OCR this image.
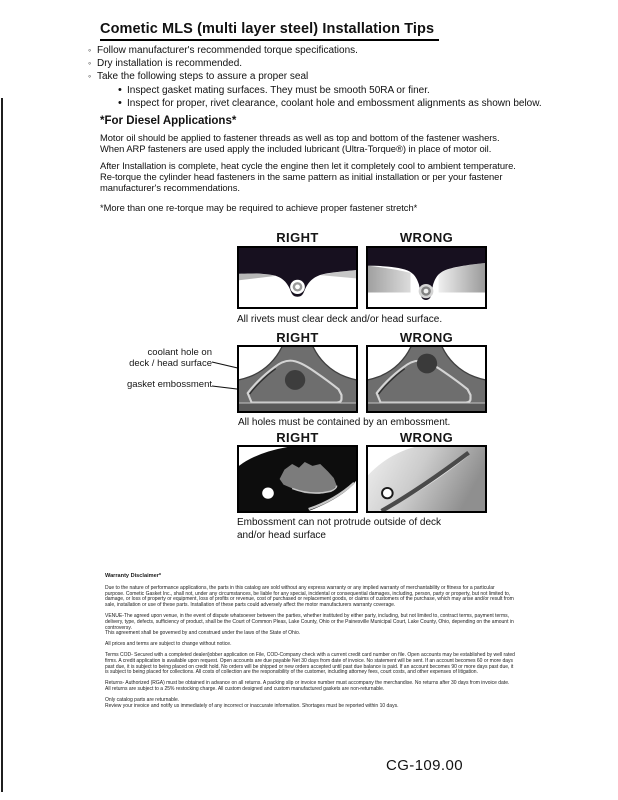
Cometic MLS (multi layer steel) Installation Tips
◦ Follow manufacturer's recommended torque specifications.
◦ Dry installation is recommended.
◦ Take the following steps to assure a proper seal
• Inspect gasket mating surfaces. They must be smooth 50RA or finer.
• Inspect for proper, rivet clearance, coolant hole and embossment alignments as shown below.
*For Diesel Applications*
Motor oil should be applied to fastener threads as well as top and bottom of the fastener washers. When ARP fasteners are used apply the included lubricant (Ultra-Torque®) in place of motor oil.
After Installation is complete, heat cycle the engine then let it completely cool to ambient temperature. Re-torque the cylinder head fasteners in the same pattern as initial installation or per your fastener manufacturer's recommendations.
*More than one re-torque may be required to achieve proper fastener stretch*
RIGHT	WRONG
All rivets must clear deck and/or head surface.
RIGHT	WRONG
coolant hole on
deck / head surface
gasket embossment
All holes must be contained by an embossment.
RIGHT	WRONG
Embossment can not protrude outside of deck
and/or head surface
Warranty Disclaimer*

Due to the nature of performance applications, the parts in this catalog are sold without any express warranty or any implied warranty of merchantability or fitness for a particular purpose. Cometic Gasket Inc., shall not, under any circumstances, be liable for any special, incidental or consequential damages, including, person, party or property, but not limited to, damage, or loss of property or equipment, loss of profits or revenue, cost of purchased or replacement goods, or claims of customers of the purchase, which may arise and/or result from sale, installation or use of these parts. Installation of these parts could adversely affect the motor manufacturers warranty coverage.

VENUE-The agreed upon venue, in the event of dispute whatsoever between the parties, whether instituted by either party, including, but not limited to, contract terms, payment terms, delivery, type, defects, sufficiency of product, shall be the Court of Common Pleas, Lake County, Ohio or the Painesville Municipal Court, Lake County, Ohio, depending on the amount in controversy.
This agreement shall be governed by and construed under the laws of the State of Ohio.

All prices and terms are subject to change without notice.

Terms COD- Secured with a completed dealer/jobber application on File, COD-Company check with a current credit card number on file. Open accounts may be established by well rated firms. A credit application is available upon request. Open accounts are due payable Net 30 days from date of invoice. No statement will be sent. If an account becomes 60 or more days past due, it is subject to being placed on credit hold. No orders will be shipped or new orders accepted until past due balance is paid. If an account becomes 90 or more days past due, it is subject to being placed for collections. All costs of collection are the responsibility of the customer, including attorney fees, court costs, and other expenses of litigation.

Returns- Authorized (RGA) must be obtained in advance on all returns. A packing slip or invoice number must accompany the merchandise. No returns after 30 days from invoice date. All returns are subject to a 25% restocking charge. All custom designed and custom manufactured gaskets are non-returnable.

Only catalog parts are returnable.
Review your invoice and notify us immediately of any incorrect or inaccurate information. Shortages must be reported within 10 days.

CG-109.00
